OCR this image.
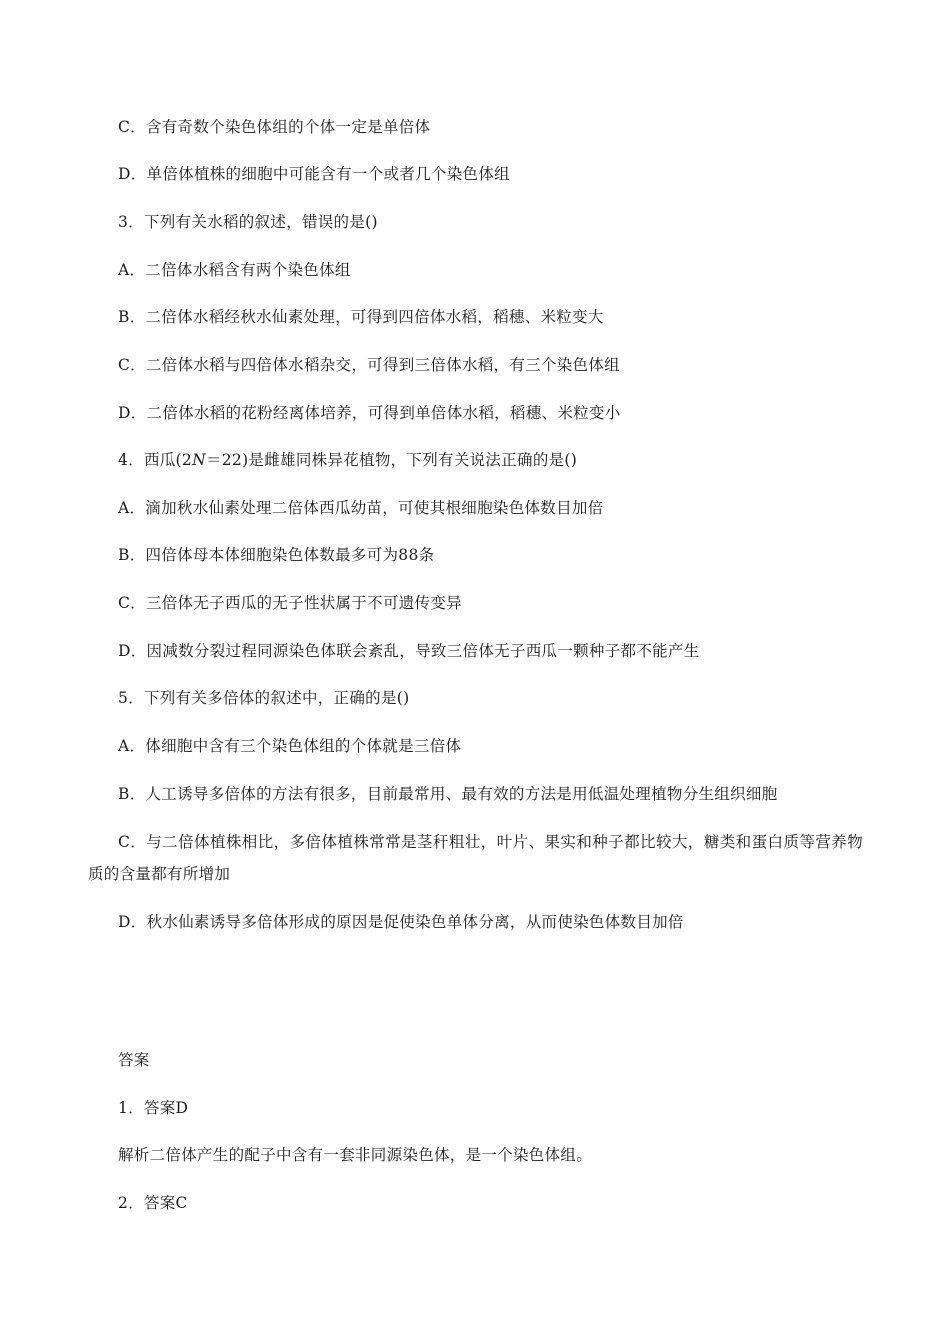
C．含有奇数个染色体组的个体一定是单倍体
D．单倍体植株的细胞中可能含有一个或者几个染色体组
3．下列有关水稻的叙述，错误的是()
A．二倍体水稻含有两个染色体组
B．二倍体水稻经秋水仙素处理，可得到四倍体水稻，稻穗、米粒变大
C．二倍体水稻与四倍体水稻杂交，可得到三倍体水稻，有三个染色体组
D．二倍体水稻的花粉经离体培养，可得到单倍体水稻，稻穗、米粒变小
4．西瓜(2N＝22)是雌雄同株异花植物，下列有关说法正确的是()
A．滴加秋水仙素处理二倍体西瓜幼苗，可使其根细胞染色体数目加倍
B．四倍体母本体细胞染色体数最多可为88条
C．三倍体无子西瓜的无子性状属于不可遗传变异
D．因减数分裂过程同源染色体联会紊乱，导致三倍体无子西瓜一颗种子都不能产生
5．下列有关多倍体的叙述中，正确的是()
A．体细胞中含有三个染色体组的个体就是三倍体
B．人工诱导多倍体的方法有很多，目前最常用、最有效的方法是用低温处理植物分生组织细胞
C．与二倍体植株相比，多倍体植株常常是茎秆粗壮，叶片、果实和种子都比较大，糖类和蛋白质等营养物质的含量都有所增加
D．秋水仙素诱导多倍体形成的原因是促使染色单体分离，从而使染色体数目加倍
答案
1．答案D
解析二倍体产生的配子中含有一套非同源染色体，是一个染色体组。
2．答案C
